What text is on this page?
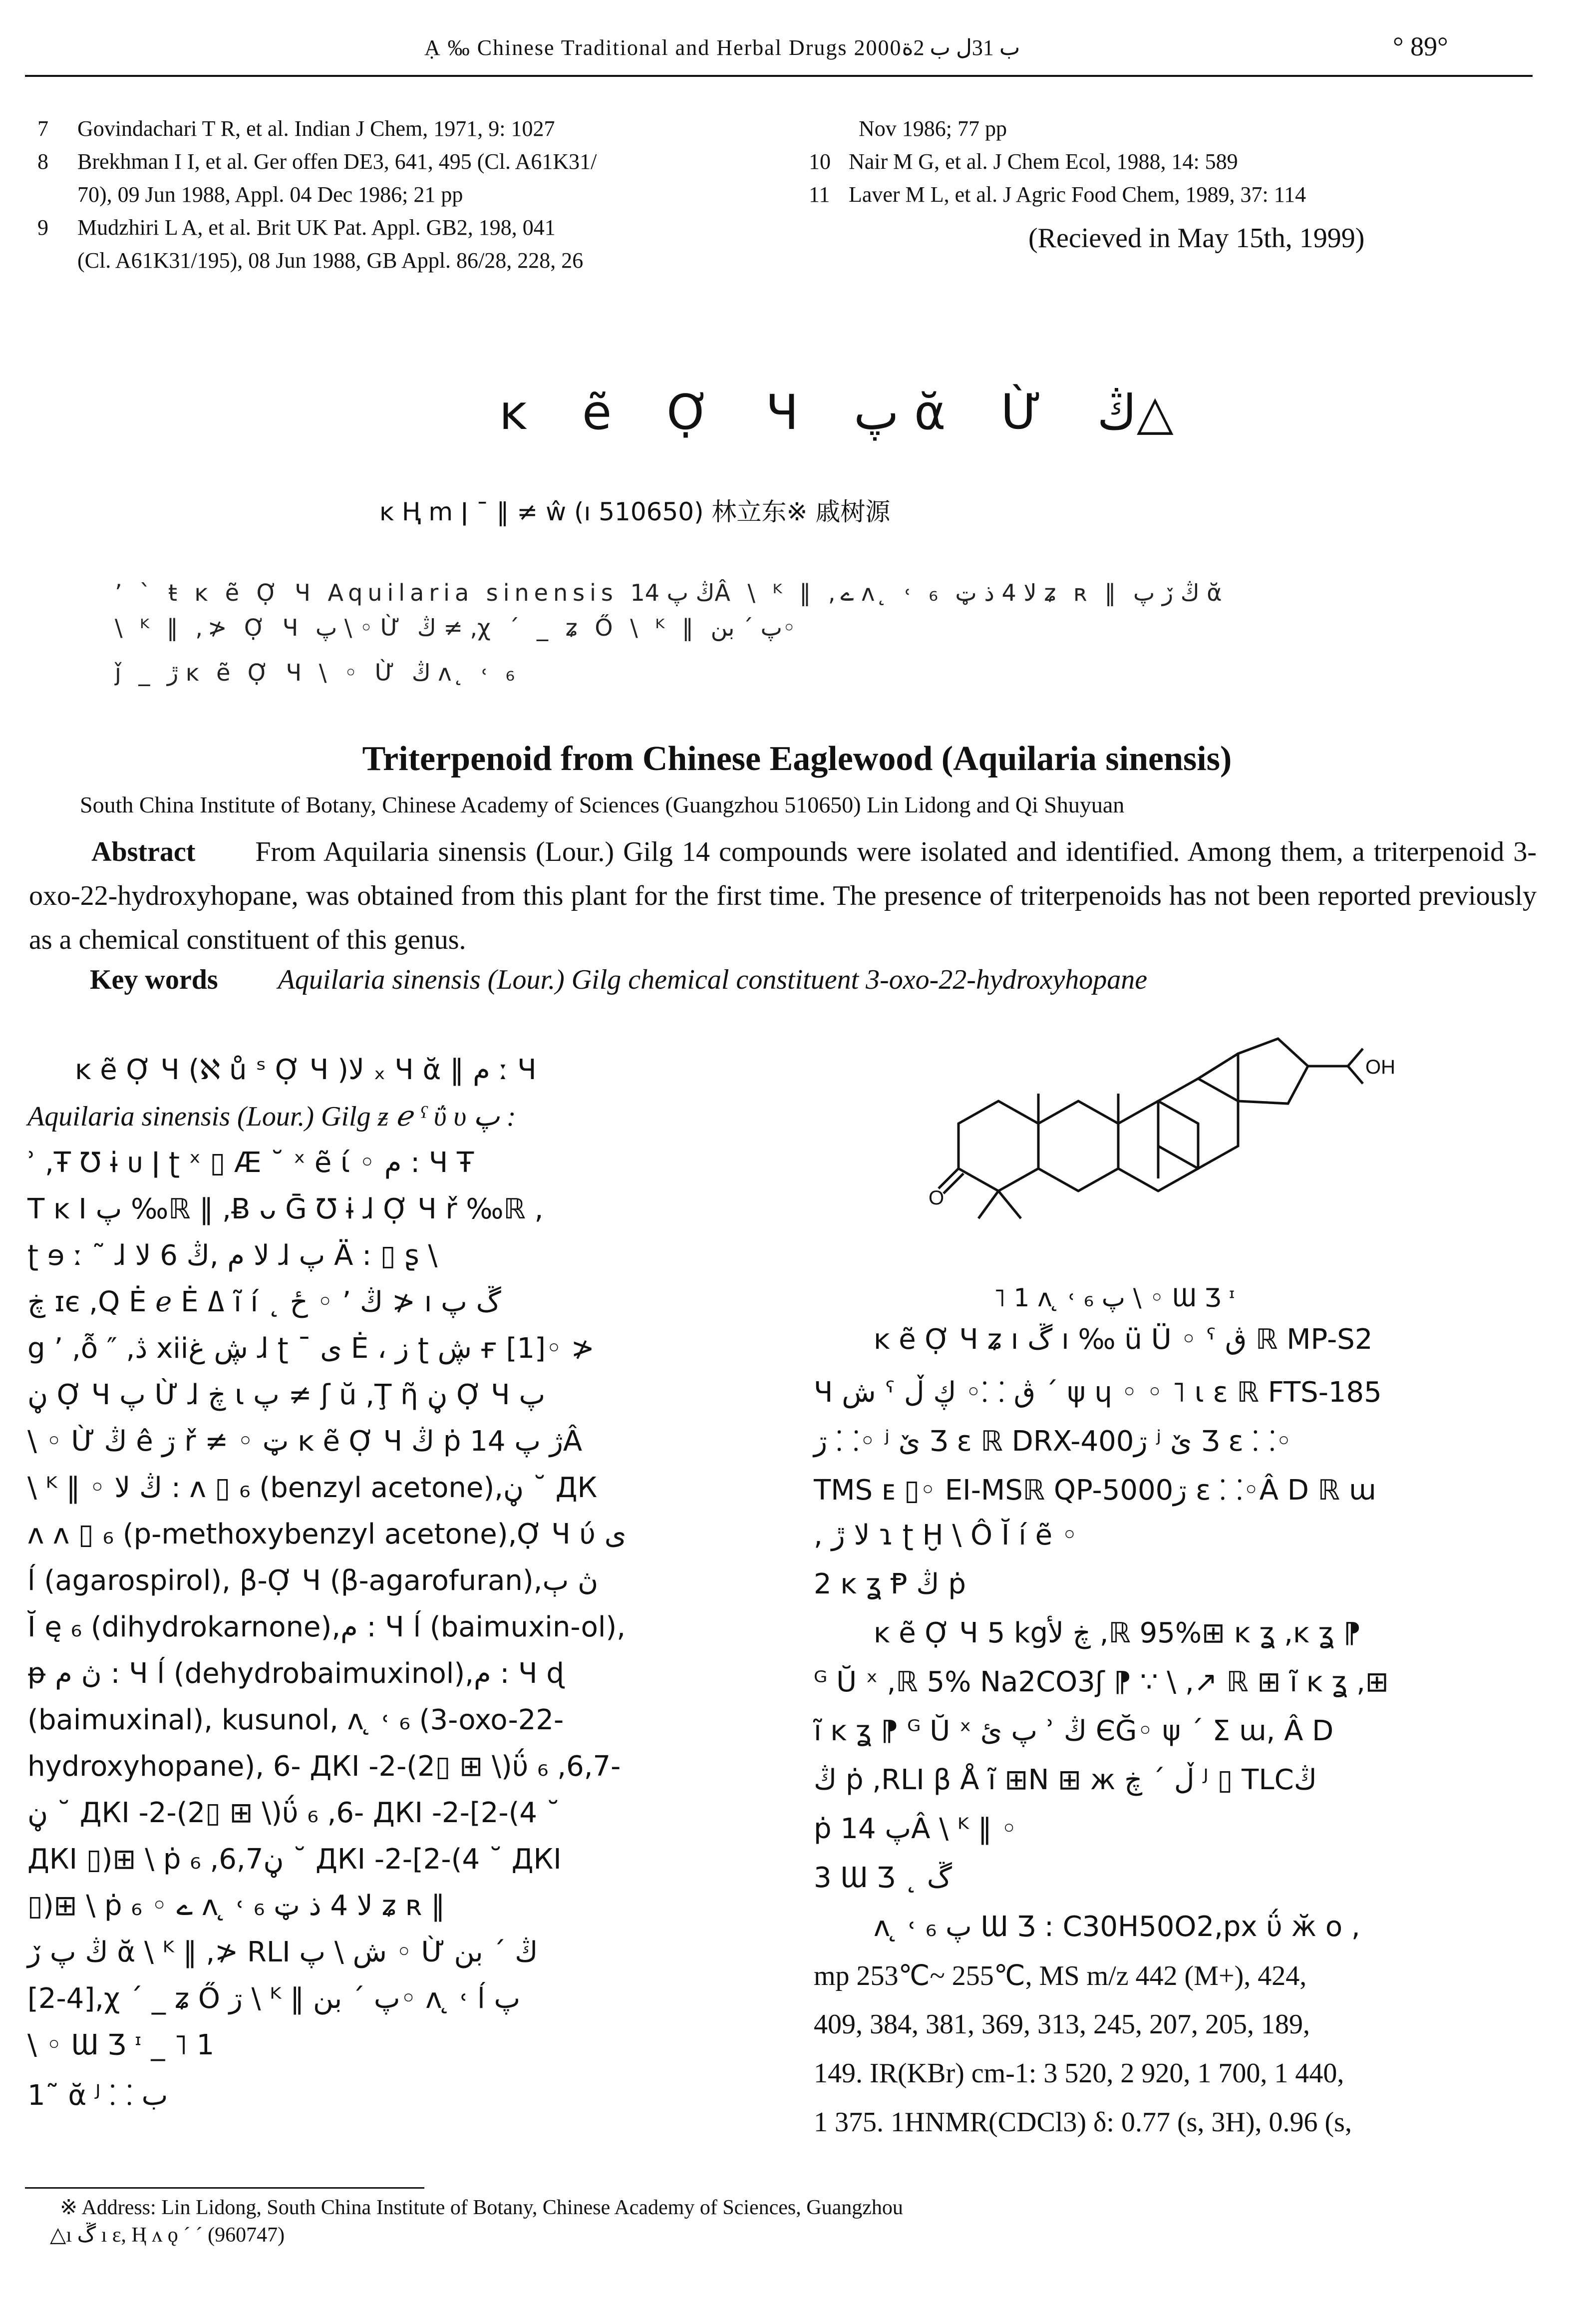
Ạ ‰ Chinese Traditional and Herbal Drugs 2000ب 31ل ب 2ة	° 89°
7 Govindachari T R, et al. Indian J Chem, 1971, 9: 1027
8 Brekhman I I, et al. Ger offen DE3, 641, 495 (Cl. A61K31/
70), 09 Jun 1988, Appl. 04 Dec 1986; 21 pp
9 Mudzhiri L A, et al. Brit UK Pat. Appl. GB2, 198, 041
(Cl. A61K31/195), 08 Jun 1988, GB Appl. 86/28, 228, 26
Nov 1986; 77 pp
10 Nair M G, et al. J Chem Ecol, 1988, 14: 589
11 Laver M L, et al. J Agric Food Chem, 1989, 37: 114
(Recieved in May 15th, 1999)
ĸ ẽ Ợ Ч پ ᾰ Ừ ڭ△
ĸ Ⱨ m ǀ ¯ ‖ ≠ ŵ (ı 510650) 林立东※ 戚树源
ʼ ˋ ŧ ĸ ẽ Ợ Ч Aquilaria sinensis ڭ پ 14Â \ ᴷ ‖ ,ے ʌ ̨ ˓ ₆ ﻻ 4 ذ ټ ʑ ʀ ‖ ڭ ڒ پ ᾰ
\ ᴷ ‖ ,≯ Ợ Ч پ \ ◦ Ừ ڭ ≠ ,χ ˊ _ ʑ Ő \ ᴷ ‖ پ ˊ بن◦
ǰ _ ڙ ĸ ẽ Ợ Ч \ ◦ Ừ ڭ ʌ ̨ ˓ ₆
Triterpenoid from Chinese Eaglewood (Aquilaria sinensis)
South China Institute of Botany, Chinese Academy of Sciences (Guangzhou 510650) Lin Lidong and Qi Shuyuan
Abstract From Aquilaria sinensis (Lour.) Gilg 14 compounds were isolated and identified. Among them, a triterpenoid 3-oxo-22-hydroxyhopane, was obtained from this plant for the first time. The presence of triterpenoids has not been reported previously as a chemical constituent of this genus.
Key words Aquilaria sinensis (Lour.) Gilg chemical constituent 3-oxo-22-hydroxyhopane
ĸ ẽ Ợ Ч (ℵ ů ˢ Ợ Ч )ﻻ ₓ Ч ᾰ ‖ م ː Ч
Aquilaria sinensis (Lour.) Gilg ƶ ℯ ˤ ΰ υ پ :
ʾ ,Ŧ Ʊ ɨ ᴜ ǀ ʈ ˣ ▯ Æ ˘ ˣ ẽ ί ◦ م : Ч Ŧ
T ĸ I پ ‰ℝ ‖ ,Ƀ ᴗ Ḡ Ʊ ɨ ɺ Ợ Ч ř ‰ℝ ,
ʈ ɘ ː ˜ ɺ ﻻ م ,ڭ 6 ﻻ ɺ پ Ä : ▯ ʂ \
ڿ ɪє ,Q Ė ℯ Ė ߡ ĩ í ˛ ځ ◦ ʼ ڭ ≯ ı ڱ پ
g ʼ ,ỗ ″ ,ڎ xiiڜ غ ɺ ʈ ¯ ی Ė ، ز ʈ ڜ ғ [1]◦ ≯
ڼ Ợ Ч پ Ừ ɺ ڿ ɩ پ ≠ ʃ ŭ ,Ţ ῆ ڼ Ợ Ч پ
\ ◦ Ừ ڭ ê ڗ ř ≠ ◦ ټ ĸ ẽ Ợ Ч ڭ ṗ ژ پ 14Â
\ ᴷ ‖ ◦ ڭ ﻻ : ʌ ▯ ₆ (benzyl acetone),ڼ ˘ ДК
ʌ ʌ ▯ ₆ (p-methoxybenzyl acetone),Ợ Ч ύ ﻯ
ĺ (agarospirol), β-Ợ Ч (β-agarofuran),ڽ ٻ
Ĭ ę ₆ (dihydrokarnone),م : Ч ĺ (baimuxin-ol),
ᵽ ڽ م : Ч ĺ (dehydrobaimuxinol),م : Ч ɖ
(baimuxinal), kusunol, ʌ ̨ ˓ ₆ (3-oxo-22-
hydroxyhopane), 6- ДКІ -2-(2▯ ⊞ \)ΰ ₆ ,6,7-
ڼ ˘ ДКІ -2-(2▯ ⊞ \)ΰ ₆ ,6- ДКІ -2-[2-(4 ˘
ДКІ ▯)⊞ \ ṗ ₆ ,6,7ڼ ˘ ДКІ -2-[2-(4 ˘ ДКІ
▯)⊞ \ ṗ ₆ ◦ ے ʌ ̨ ˓ ₆ ﻻ 4 ذ ټ ʑ ʀ ‖
ڭ پ ڒ ᾰ \ ᴷ ‖ ,≯ RLI ش \ پ ◦ Ừ ڭ ˊ بن
[2-4],χ ˊ _ ʑ Ő ڗ \ ᴷ ‖ پ ˊ بن◦ ʌ ̨ ˓ ĺ پ
\ ◦ Ɯ Ʒ ᶦ _ ˥ 1
1˜ ᾰ ᴶ ⸬ ب
O
OH
˥ 1 ʌ ̨ ˓ ₆ پ \ ◦ Ɯ Ʒ ᶦ
ĸ ẽ Ợ Ч ʑ ı ڱ ı ‰ ü Ü ◦ ˤ ڨ ℝ MP-S2
Ч ش ˤ ڨ ⸬◦ ڮ ڵ ˊ ψ ɥ ◦ ◦ ˥ ɩ ɛ ℝ FTS-185
ڗ ⸬◦ ʲ ێ Ʒ ɛ ℝ DRX-400ڗ ʲ ێ Ʒ ɛ ⸬◦
TMS ᴇ ▯◦ EI-MSℝ QP-5000ڗ ɛ ⸬◦Â D ℝ ɯ
, ﻻ ڙ ɿ ʈ Ḫ \ Ô Ĭ í ẽ ◦
2 ĸ ʓ Ᵽ ڭ ṗ
ĸ ẽ Ợ Ч 5 kgڿ ﻷ ,ℝ 95%⊞ ĸ ʓ ,ĸ ʓ ⁋
ᴳ Ŭ ˣ ,ℝ 5% Na2CO3ʃ ⁋ ∵ \ ,↗ ℝ ⊞ ĩ ĸ ʓ ,⊞
ĩ ĸ ʓ ⁋ ᴳ Ŭ ˣ پ ئ ʾ ڭ ЄĞ◦ ψ ˊ Σ ɯ, Â D
ڭ ṗ ,RLI β Å ĩ ⊞N ⊞ ж ڵ ˊ ڿ ᴶ ▯ TLCڭ
ṗ پ 14Â \ ᴷ ‖ ◦
3 Ɯ Ʒ ˛ ڱ
ʌ ̨ ˓ ₆ پ Ɯ Ʒ : C30H50O2,px ΰ ӂ o ,
mp 253℃~ 255℃, MS m/z 442 (M+), 424,
409, 384, 381, 369, 313, 245, 207, 205, 189,
149. IR(KBr) cm-1: 3 520, 2 920, 1 700, 1 440,
1 375. 1HNMR(CDCl3) δ: 0.77 (s, 3H), 0.96 (s,
※ Address: Lin Lidong, South China Institute of Botany, Chinese Academy of Sciences, Guangzhou
△ı ڱ ı ɛ, Ⱨ ʌ ǫ ˊ ˊ (960747)
